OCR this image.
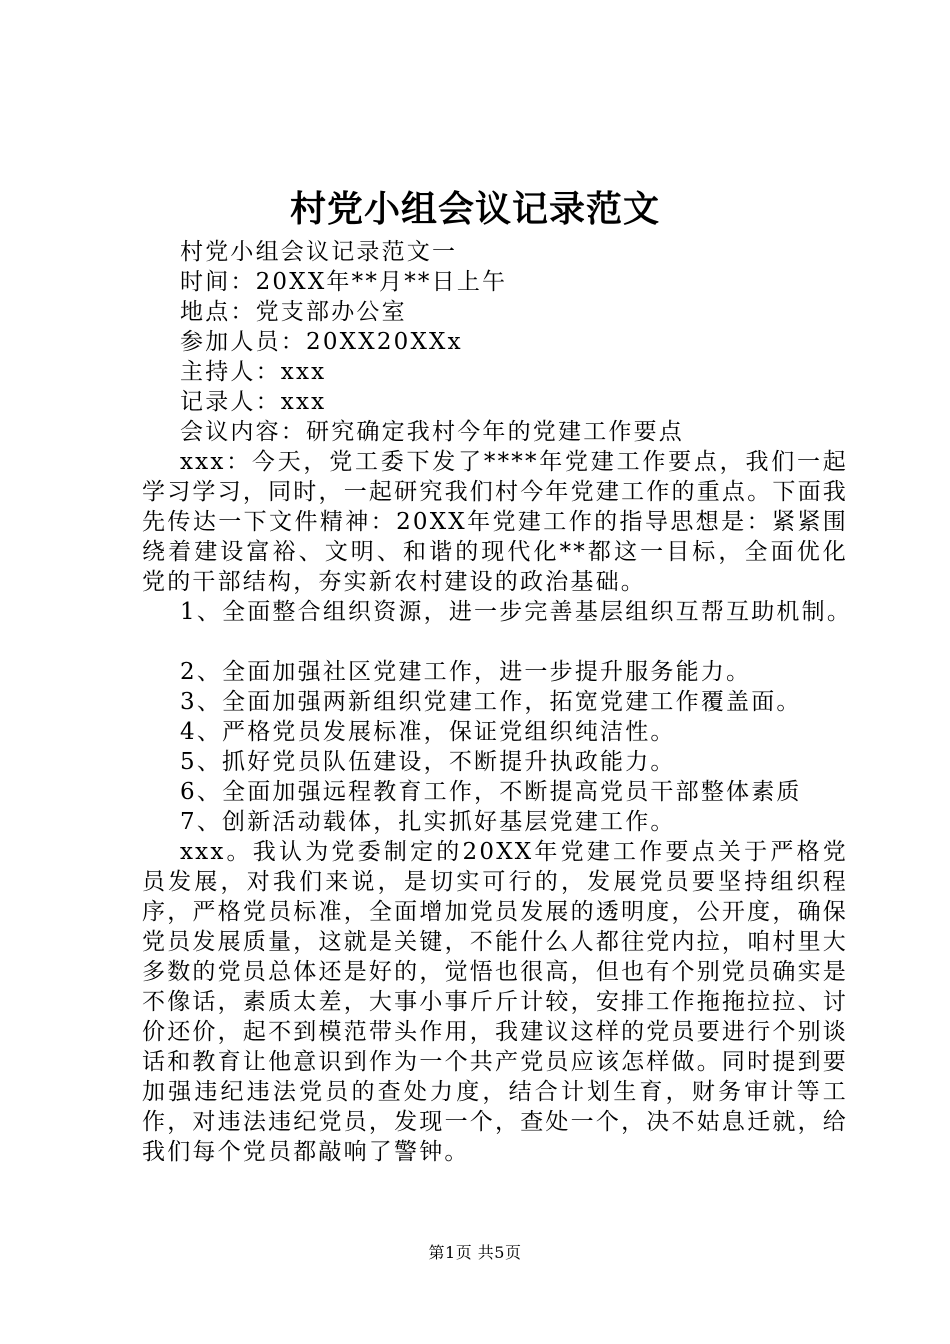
村党小组会议记录范文

村党小组会议记录范文一

时间：20XX年**月**日上午

地点：党支部办公室

参加人员：20XX20XXx

主持人：xxx

记录人：xxx

会议内容：研究确定我村今年的党建工作要点

xxx：今天，党工委下发了****年党建工作要点，我们一起学习学习，同时，一起研究我们村今年党建工作的重点。下面我先传达一下文件精神：20XX年党建工作的指导思想是：紧紧围绕着建设富裕、文明、和谐的现代化**都这一目标，全面优化党的干部结构，夯实新农村建设的政治基础。

1、全面整合组织资源，进一步完善基层组织互帮互助机制。

2、全面加强社区党建工作，进一步提升服务能力。

3、全面加强两新组织党建工作，拓宽党建工作覆盖面。

4、严格党员发展标准，保证党组织纯洁性。

5、抓好党员队伍建设，不断提升执政能力。

6、全面加强远程教育工作，不断提高党员干部整体素质

7、创新活动载体，扎实抓好基层党建工作。

xxx。我认为党委制定的20XX年党建工作要点关于严格党员发展，对我们来说，是切实可行的，发展党员要坚持组织程序，严格党员标准，全面增加党员发展的透明度，公开度，确保党员发展质量，这就是关键，不能什么人都往党内拉，咱村里大多数的党员总体还是好的，觉悟也很高，但也有个别党员确实是不像话，素质太差，大事小事斤斤计较，安排工作拖拖拉拉、讨价还价，起不到模范带头作用，我建议这样的党员要进行个别谈话和教育让他意识到作为一个共产党员应该怎样做。同时提到要加强违纪违法党员的查处力度，结合计划生育，财务审计等工作，对违法违纪党员，发现一个，查处一个，决不姑息迁就，给我们每个党员都敲响了警钟。

第1页 共5页
